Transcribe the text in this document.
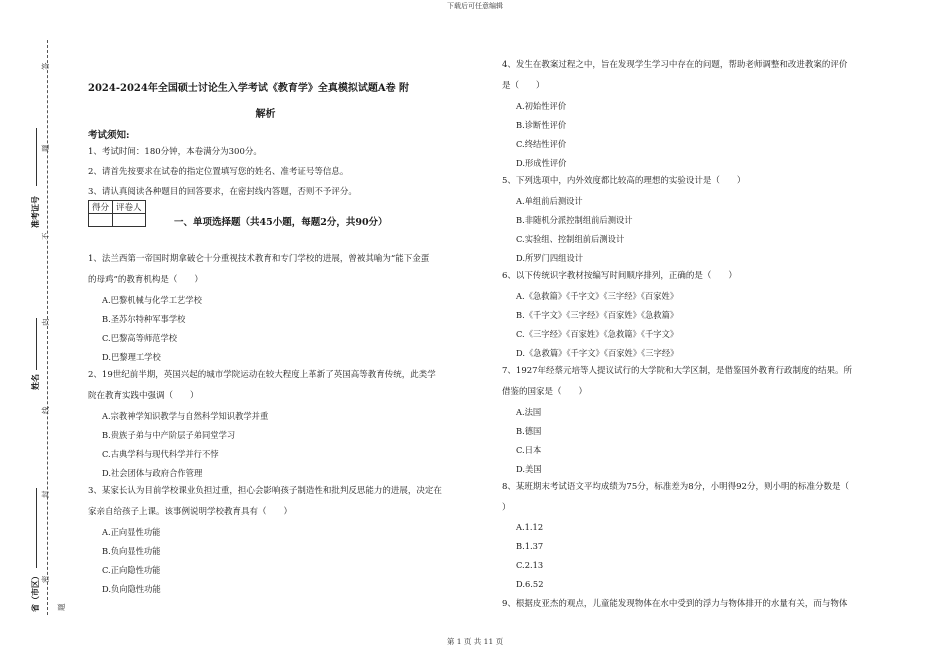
下载后可任意编辑
答
题
不
内
线
封
密
题
准考证号
姓名
省（市区）
2024-2024年全国硕士讨论生入学考试《教育学》全真模拟试题A卷 附
解析
考试须知:
1、考试时间：180分钟，本卷满分为300分。
2、请首先按要求在试卷的指定位置填写您的姓名、准考证号等信息。
3、请认真阅读各种题目的回答要求，在密封线内答题，否则不予评分。
得分	评卷人

一、单项选择题（共45小题，每题2分，共90分）
1、法兰西第一帝国时期拿破仑十分重视技术教育和专门学校的进展，曾被其喻为“能下金蛋
的母鸡”的教育机构是（　　）
A.巴黎机械与化学工艺学校
B.圣苏尔特种军事学校
C.巴黎高等师范学校
D.巴黎理工学校
2、19世纪前半期，英国兴起的城市学院运动在较大程度上革新了英国高等教育传统，此类学
院在教育实践中强调（　　）
A.宗教神学知识教学与自然科学知识教学并重
B.贵族子弟与中产阶层子弟同堂学习
C.古典学科与现代科学并行不悖
D.社会团体与政府合作管理
3、某家长认为目前学校课业负担过重，担心会影响孩子制造性和批判反思能力的进展，决定在
家亲自给孩子上课。该事例说明学校教育具有（　　）
A.正向显性功能
B.负向显性功能
C.正向隐性功能
D.负向隐性功能
4、发生在教案过程之中，旨在发现学生学习中存在的问题，帮助老师调整和改进教案的评价
是（　　）
A.初始性评价
B.诊断性评价
C.终结性评价
D.形成性评价
5、下列选项中，内外效度都比较高的理想的实验设计是（　　）
A.单组前后测设计
B.非随机分派控制组前后测设计
C.实验组、控制组前后测设计
D.所罗门四组设计
6、以下传统识字教材按编写时间顺序排列，正确的是（　　）
A.《急救篇》《千字文》《三字经》《百家姓》
B.《千字文》《三字经》《百家姓》《急救篇》
C.《三字经》《百家姓》《急救篇》《千字文》
D.《急救篇》《千字文》《百家姓》《三字经》
7、1927年经蔡元培等人提议试行的大学院和大学区制，是借鉴国外教育行政制度的结果。所
借鉴的国家是（　　）
A.法国
B.德国
C.日本
D.美国
8、某班期末考试语文平均成绩为75分，标准差为8分，小明得92分，则小明的标准分数是（
）
A.1.12
B.1.37
C.2.13
D.6.52
9、根据皮亚杰的观点，儿童能发现物体在水中受到的浮力与物体排开的水量有关，而与物体
第 1 页 共 11 页
